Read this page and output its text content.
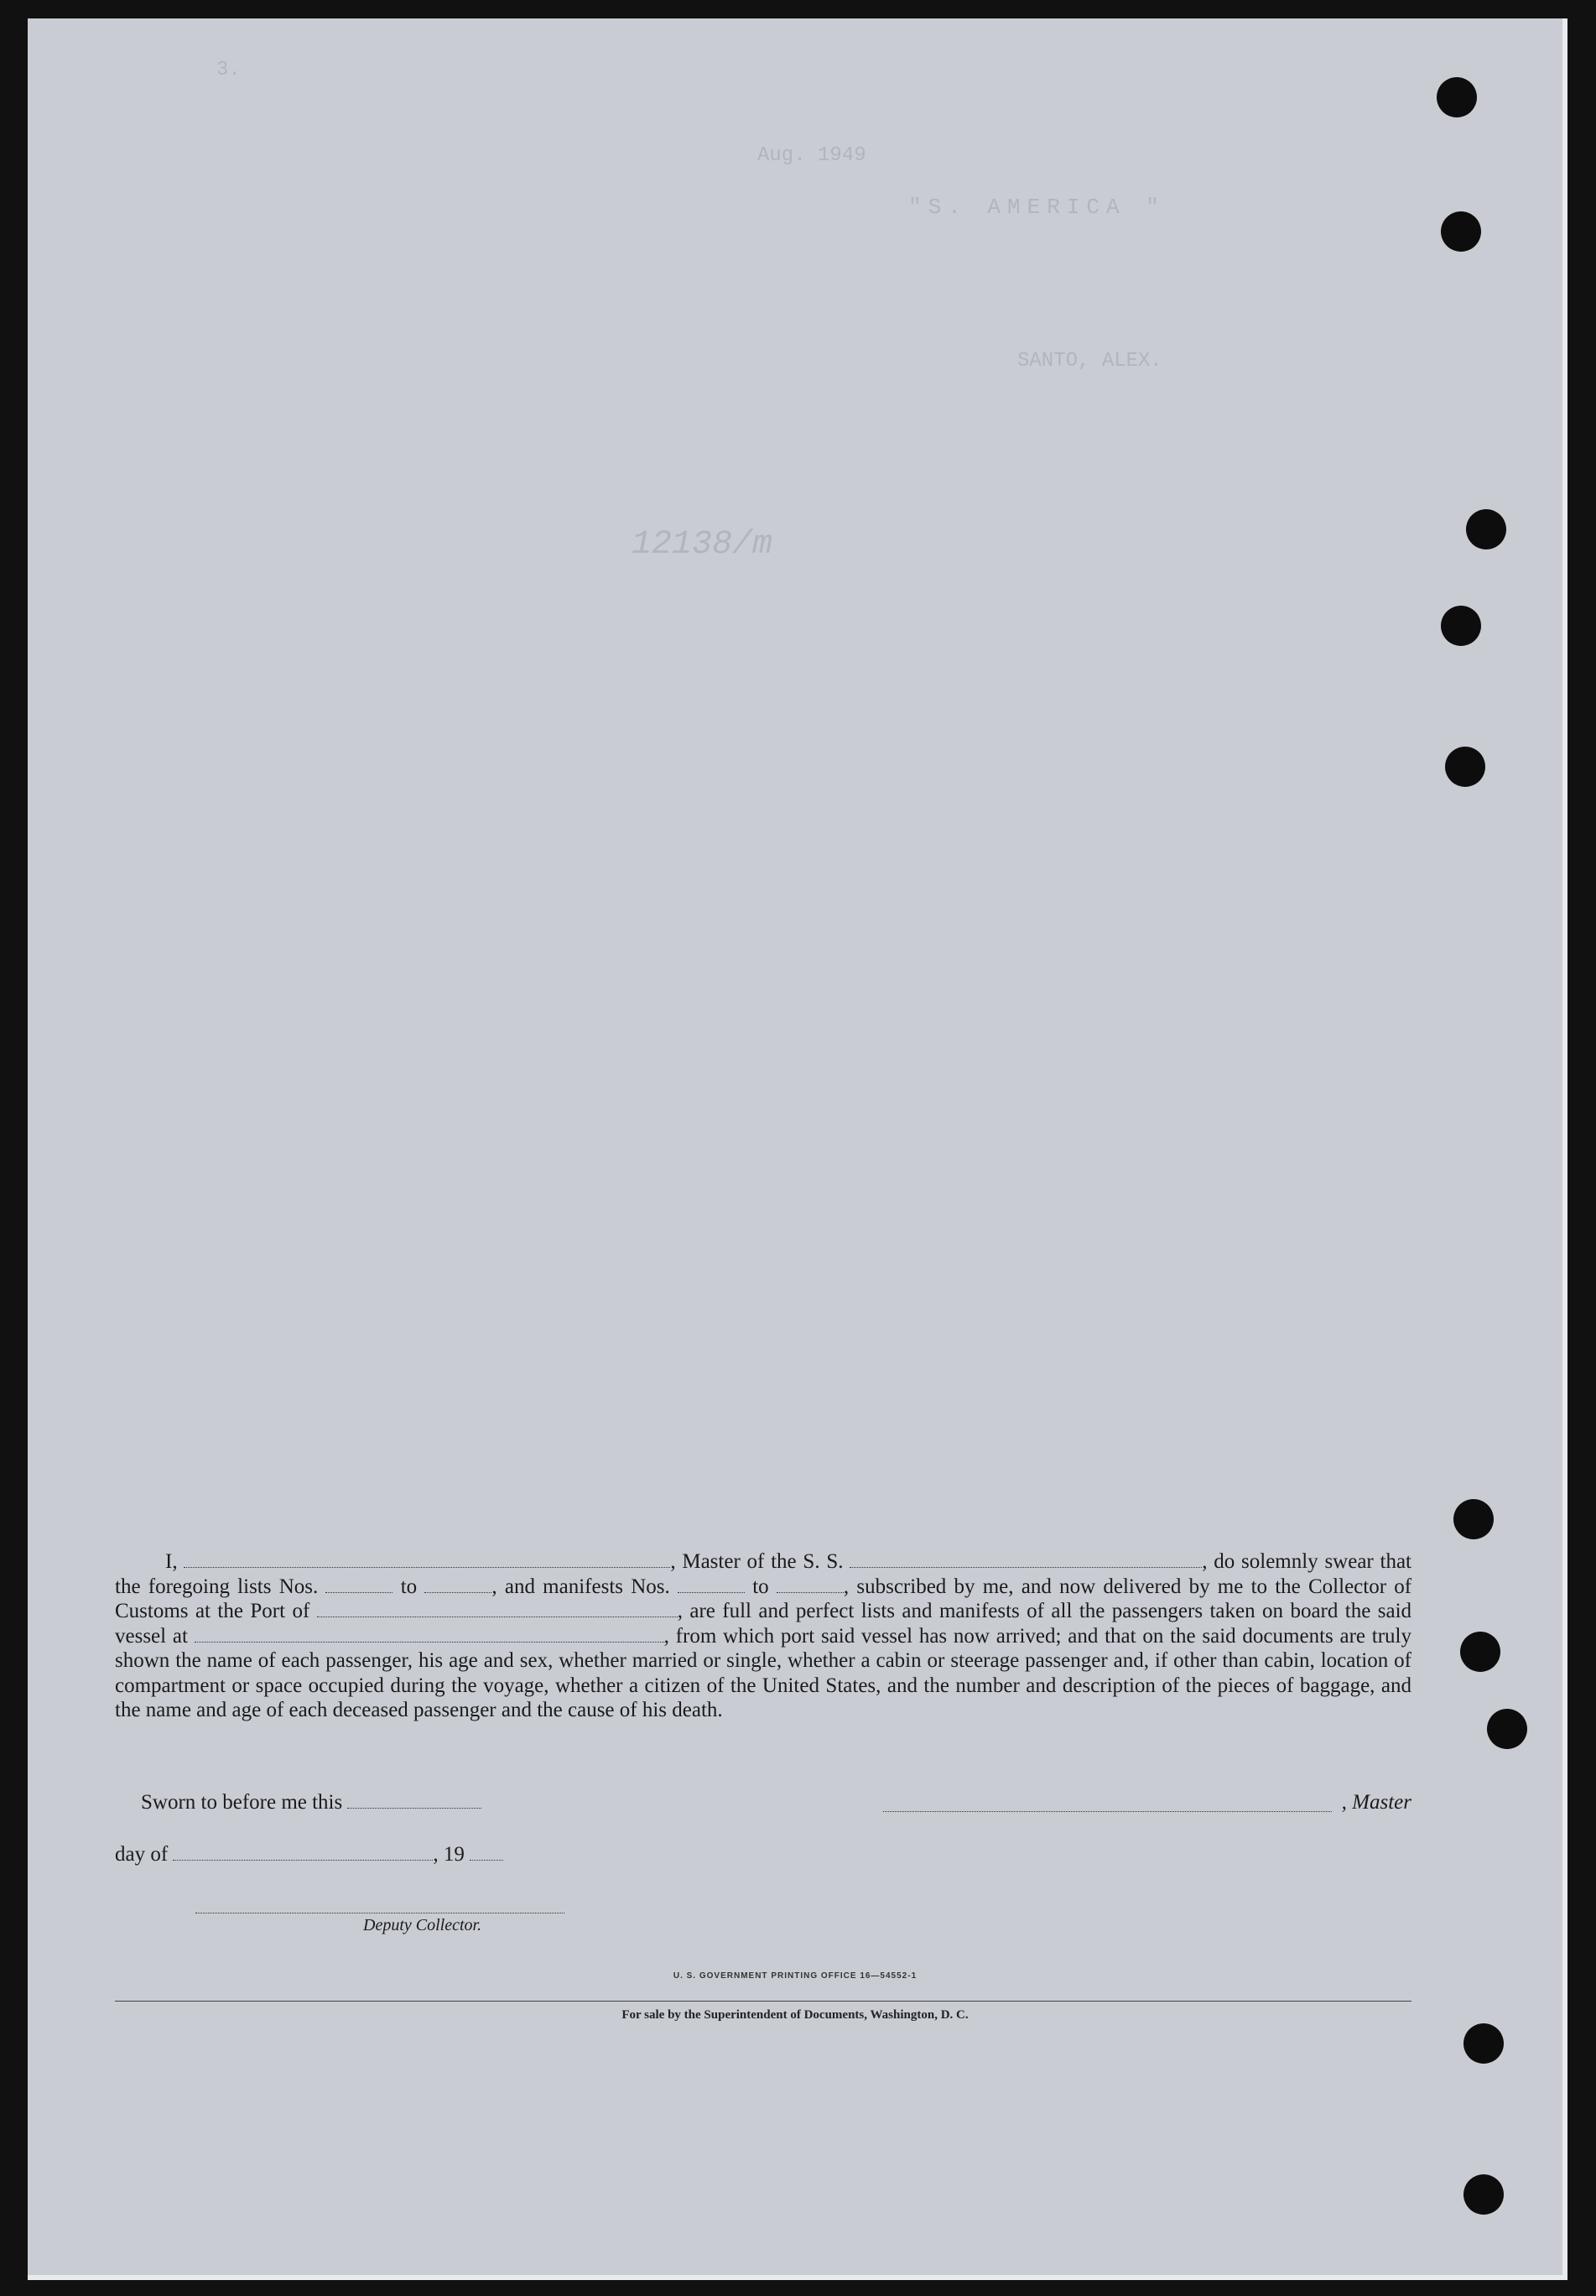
3.
"S. AMERICA "
Aug. 1949
SANTO, ALEX.
12138/m
I,	, Master of the S. S.	, do solemnly swear that the foregoing lists Nos.	to	, and manifests Nos.	to	, subscribed by me, and now delivered by me to the Collector of Customs at the Port of	, are full and perfect lists and manifests of all the passengers taken on board the said vessel at	, from which port said vessel has now arrived; and that on the said documents are truly shown the name of each passenger, his age and sex, whether married or single, whether a cabin or steerage passenger and, if other than cabin, location of compartment or space occupied during the voyage, whether a citizen of the United States, and the number and description of the pieces of baggage, and the name and age of each deceased passenger and the cause of his death.
Sworn to before me this	, Master
day of	, 19
Deputy Collector.
U. S. GOVERNMENT PRINTING OFFICE 16—54552-1
For sale by the Superintendent of Documents, Washington, D. C.
